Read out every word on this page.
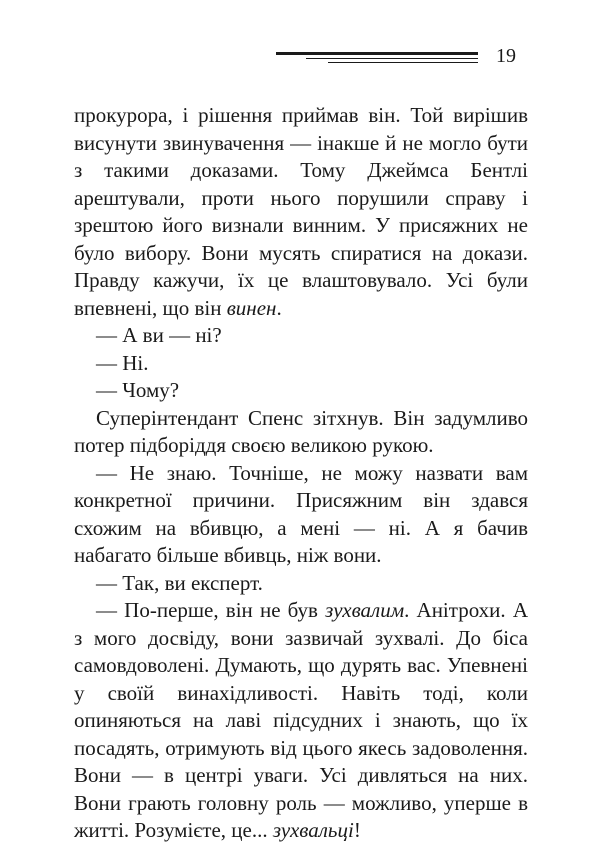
19

прокурора, і рішення приймав він. Той вирішив висунути звинувачення — інакше й не могло бути з такими доказами. Тому Джеймса Бентлі арештували, проти нього порушили справу і зрештою його визнали винним. У присяжних не було вибору. Вони мусять спиратися на докази. Правду кажучи, їх це влаштовувало. Усі були впевнені, що він винен.

— А ви — ні?

— Ні.

— Чому?

Суперінтендант Спенс зітхнув. Він задумливо потер підборіддя своєю великою рукою.

— Не знаю. Точніше, не можу назвати вам конкретної причини. Присяжним він здався схожим на вбивцю, а мені — ні. А я бачив набагато більше вбивць, ніж вони.

— Так, ви експерт.

— По-перше, він не був зухвалим. Анітрохи. А з мого досвіду, вони зазвичай зухвалі. До біса самовдоволені. Думають, що дурять вас. Упевнені у своїй винахідливості. Навіть тоді, коли опиняються на лаві підсудних і знають, що їх посадять, отримують від цього якесь задоволення. Вони — в центрі уваги. Усі дивляться на них. Вони грають головну роль — можливо, уперше в житті. Розумієте, це... зухвальці!
